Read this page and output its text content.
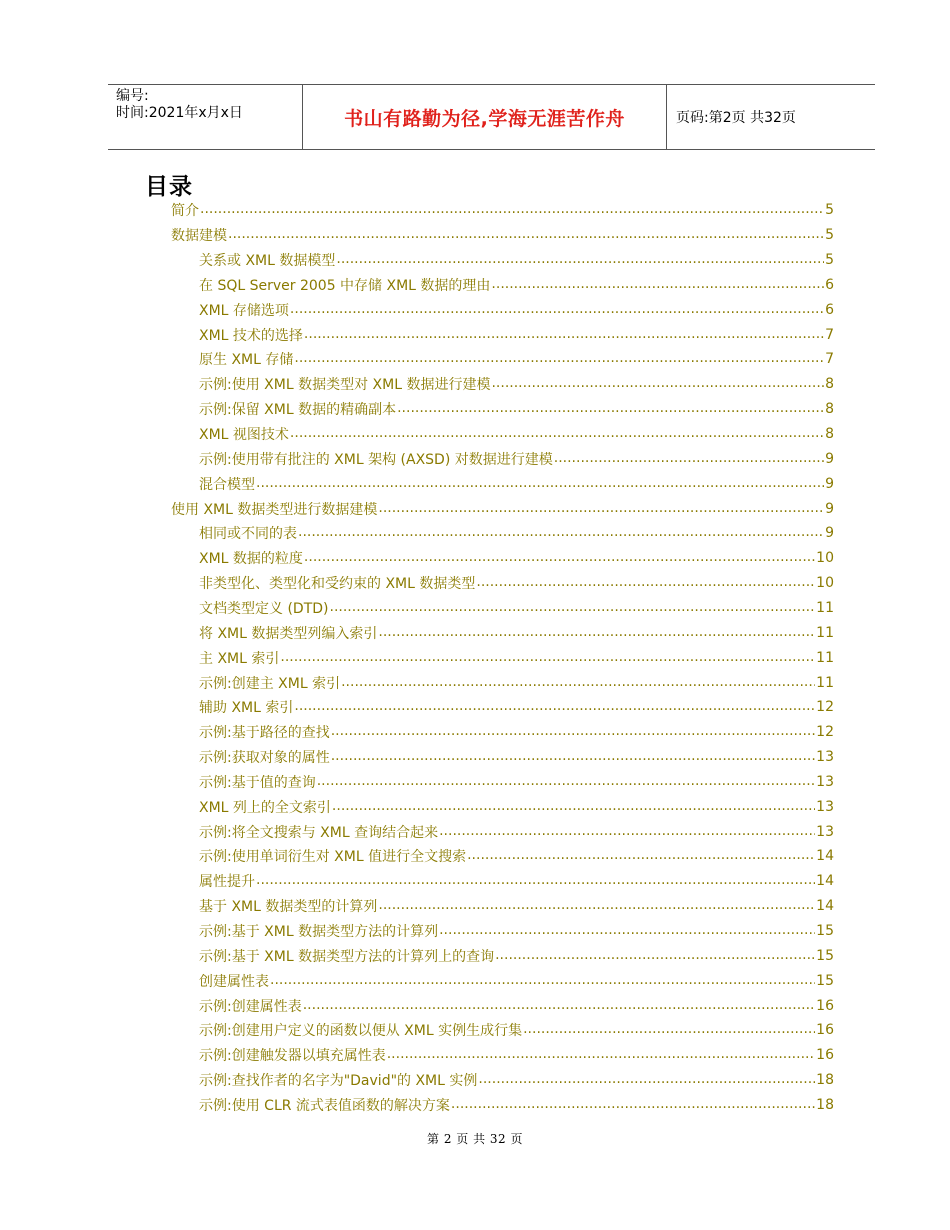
编号:
时间:2021年x月x日	书山有路勤为径,学海无涯苦作舟	页码:第2页 共32页
目录
简介 .....	5
数据建模 .....	5
关系或 XML 数据模型 .....	5
在 SQL Server 2005 中存储 XML 数据的理由 .....	6
XML 存储选项 .....	6
XML 技术的选择 .....	7
原生 XML 存储 .....	7
示例:使用 XML 数据类型对 XML 数据进行建模 .....	8
示例:保留 XML 数据的精确副本 .....	8
XML 视图技术 .....	8
示例:使用带有批注的 XML 架构 (AXSD) 对数据进行建模 .....	9
混合模型 .....	9
使用 XML 数据类型进行数据建模 .....	9
相同或不同的表 .....	9
XML 数据的粒度 .....	10
非类型化、类型化和受约束的 XML 数据类型 .....	10
文档类型定义 (DTD) .....	11
将 XML 数据类型列编入索引 .....	11
主 XML 索引 .....	11
示例:创建主 XML 索引 .....	11
辅助 XML 索引 .....	12
示例:基于路径的查找 .....	12
示例:获取对象的属性 .....	13
示例:基于值的查询 .....	13
XML 列上的全文索引 .....	13
示例:将全文搜索与 XML 查询结合起来 .....	13
示例:使用单词衍生对 XML 值进行全文搜索 .....	14
属性提升 .....	14
基于 XML 数据类型的计算列 .....	14
示例:基于 XML 数据类型方法的计算列 .....	15
示例:基于 XML 数据类型方法的计算列上的查询 .....	15
创建属性表 .....	15
示例:创建属性表 .....	16
示例:创建用户定义的函数以便从 XML 实例生成行集 .....	16
示例:创建触发器以填充属性表 .....	16
示例:查找作者的名字为"David"的 XML 实例 .....	18
示例:使用 CLR 流式表值函数的解决方案 .....	18
第 2 页 共 32 页
